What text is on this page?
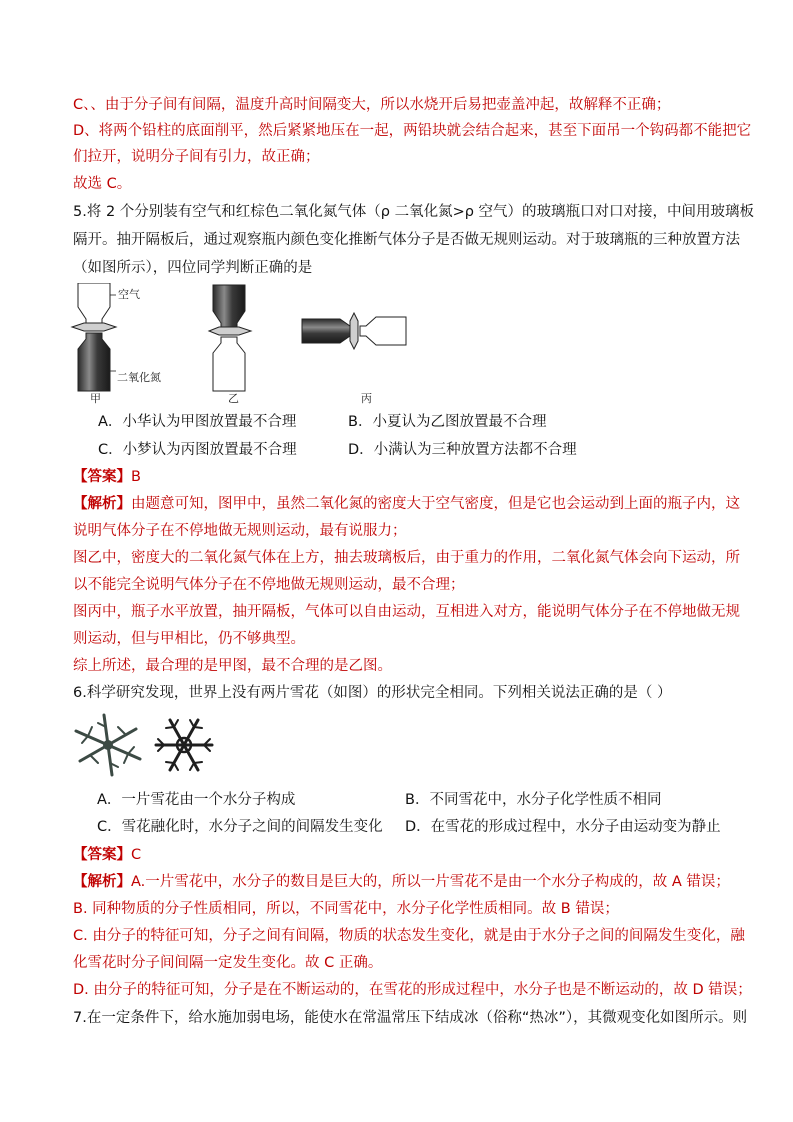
C、、由于分子间有间隔，温度升高时间隔变大，所以水烧开后易把壶盖冲起，故解释不正确；
D、将两个铅柱的底面削平，然后紧紧地压在一起，两铅块就会结合起来，甚至下面吊一个钩码都不能把它
们拉开，说明分子间有引力，故正确；
故选 C。
5.将 2 个分别装有空气和红棕色二氧化氮气体（ρ 二氧化氮>ρ 空气）的玻璃瓶口对口对接，中间用玻璃板
隔开。抽开隔板后，通过观察瓶内颜色变化推断气体分子是否做无规则运动。对于玻璃瓶的三种放置方法
（如图所示），四位同学判断正确的是
空气
二氧化氮
甲	乙	丙
A．小华认为甲图放置最不合理	B．小夏认为乙图放置最不合理
C．小梦认为丙图放置最不合理	D．小满认为三种放置方法都不合理
【答案】B
【解析】由题意可知，图甲中，虽然二氧化氮的密度大于空气密度，但是它也会运动到上面的瓶子内，这
说明气体分子在不停地做无规则运动，最有说服力；
图乙中，密度大的二氧化氮气体在上方，抽去玻璃板后，由于重力的作用，二氧化氮气体会向下运动，所
以不能完全说明气体分子在不停地做无规则运动，最不合理；
图丙中，瓶子水平放置，抽开隔板，气体可以自由运动，互相进入对方，能说明气体分子在不停地做无规
则运动，但与甲相比，仍不够典型。
综上所述，最合理的是甲图，最不合理的是乙图。
6.科学研究发现，世界上没有两片雪花（如图）的形状完全相同。下列相关说法正确的是（ ）
A．一片雪花由一个水分子构成	B．不同雪花中，水分子化学性质不相同
C．雪花融化时，水分子之间的间隔发生变化 D．在雪花的形成过程中，水分子由运动变为静止
【答案】C
【解析】A.一片雪花中，水分子的数目是巨大的，所以一片雪花不是由一个水分子构成的，故 A 错误；
B. 同种物质的分子性质相同，所以，不同雪花中，水分子化学性质相同。故 B 错误；
C. 由分子的特征可知，分子之间有间隔，物质的状态发生变化，就是由于水分子之间的间隔发生变化，融
化雪花时分子间间隔一定发生变化。故 C 正确。
D. 由分子的特征可知，分子是在不断运动的，在雪花的形成过程中，水分子也是不断运动的，故 D 错误；
7.在一定条件下，给水施加弱电场，能使水在常温常压下结成冰（俗称“热冰”），其微观变化如图所示。则
